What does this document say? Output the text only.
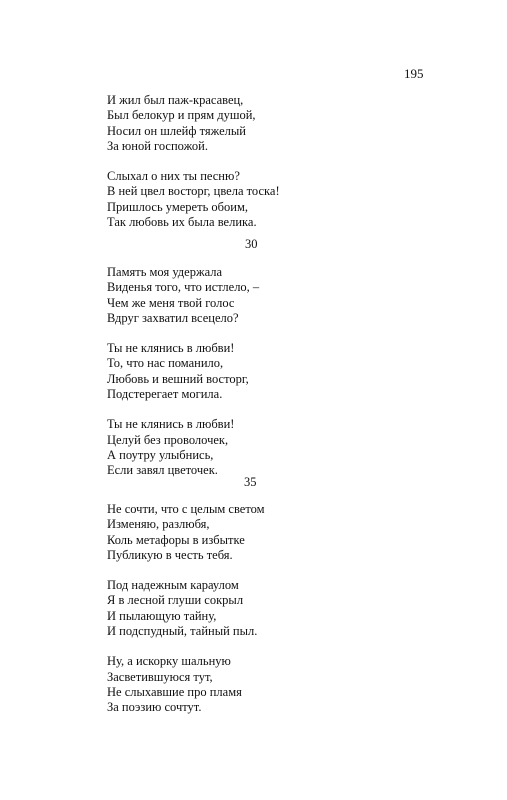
195
И жил был паж-красавец,
Был белокур и прям душой,
Носил он шлейф тяжелый
За юной госпожой.
Слыхал о них ты песню?
В ней цвел восторг, цвела тоска!
Пришлось умереть обоим,
Так любовь их была велика.
30
Память моя удержала
Виденья того, что истлело, –
Чем же меня твой голос
Вдруг захватил всецело?
Ты не клянись в любви!
То, что нас поманило,
Любовь и вешний восторг,
Подстерегает могила.
Ты не клянись в любви!
Целуй без проволочек,
А поутру улыбнись,
Если завял цветочек.
35
Не сочти, что с целым светом
Изменяю, разлюбя,
Коль метафоры в избытке
Публикую в честь тебя.
Под надежным караулом
Я в лесной глуши сокрыл
И пылающую тайну,
И подспудный, тайный пыл.
Ну, а искорку шальную
Засветившуюся тут,
Не слыхавшие про пламя
За поэзию сочтут.
